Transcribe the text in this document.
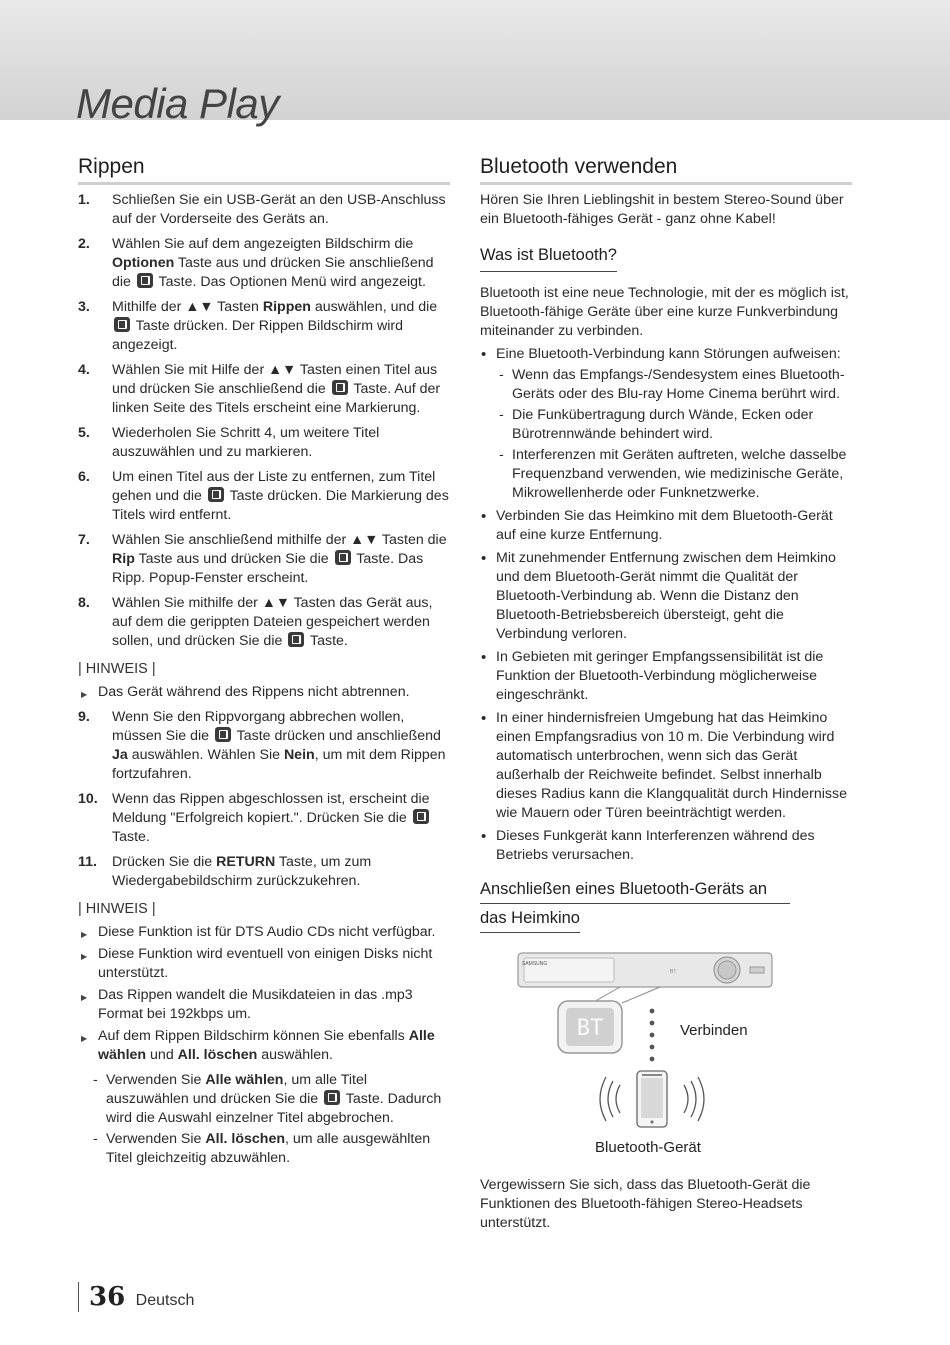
Media Play
Rippen
1. Schließen Sie ein USB-Gerät an den USB-Anschluss auf der Vorderseite des Geräts an.
2. Wählen Sie auf dem angezeigten Bildschirm die Optionen Taste aus und drücken Sie anschließend die  Taste. Das Optionen Menü wird angezeigt.
3. Mithilfe der ▲▼ Tasten Rippen auswählen, und die  Taste drücken. Der Rippen Bildschirm wird angezeigt.
4. Wählen Sie mit Hilfe der ▲▼ Tasten einen Titel aus und drücken Sie anschließend die  Taste. Auf der linken Seite des Titels erscheint eine Markierung.
5. Wiederholen Sie Schritt 4, um weitere Titel auszuwählen und zu markieren.
6. Um einen Titel aus der Liste zu entfernen, zum Titel gehen und die  Taste drücken. Die Markierung des Titels wird entfernt.
7. Wählen Sie anschließend mithilfe der ▲▼ Tasten die Rip Taste aus und drücken Sie die  Taste. Das Ripp. Popup-Fenster erscheint.
8. Wählen Sie mithilfe der ▲▼ Tasten das Gerät aus, auf dem die gerippten Dateien gespeichert werden sollen, und drücken Sie die  Taste.
| HINWEIS |
▶ Das Gerät während des Rippens nicht abtrennen.
9. Wenn Sie den Rippvorgang abbrechen wollen, müssen Sie die  Taste drücken und anschließend Ja auswählen. Wählen Sie Nein, um mit dem Rippen fortzufahren.
10. Wenn das Rippen abgeschlossen ist, erscheint die Meldung "Erfolgreich kopiert.". Drücken Sie die  Taste.
11. Drücken Sie die RETURN Taste, um zum Wiedergabebildschirm zurückzukehren.
| HINWEIS |
▶ Diese Funktion ist für DTS Audio CDs nicht verfügbar.
▶ Diese Funktion wird eventuell von einigen Disks nicht unterstützt.
▶ Das Rippen wandelt die Musikdateien in das .mp3 Format bei 192kbps um.
▶ Auf dem Rippen Bildschirm können Sie ebenfalls Alle wählen und All. löschen auswählen.
- Verwenden Sie Alle wählen, um alle Titel auszuwählen und drücken Sie die  Taste. Dadurch wird die Auswahl einzelner Titel abgebrochen.
- Verwenden Sie All. löschen, um alle ausgewählten Titel gleichzeitig abzuwählen.
Bluetooth verwenden
Hören Sie Ihren Lieblingshit in bestem Stereo-Sound über ein Bluetooth-fähiges Gerät - ganz ohne Kabel!
Was ist Bluetooth?
Bluetooth ist eine neue Technologie, mit der es möglich ist, Bluetooth-fähige Geräte über eine kurze Funkverbindung miteinander zu verbinden.
• Eine Bluetooth-Verbindung kann Störungen aufweisen:
- Wenn das Empfangs-/Sendesystem eines Bluetooth-Geräts oder des Blu-ray Home Cinema berührt wird.
- Die Funkübertragung durch Wände, Ecken oder Bürotrennwände behindert wird.
- Interferenzen mit Geräten auftreten, welche dasselbe Frequenzband verwenden, wie medizinische Geräte, Mikrowellenherde oder Funknetzwerke.
• Verbinden Sie das Heimkino mit dem Bluetooth-Gerät auf eine kurze Entfernung.
• Mit zunehmender Entfernung zwischen dem Heimkino und dem Bluetooth-Gerät nimmt die Qualität der Bluetooth-Verbindung ab. Wenn die Distanz den Bluetooth-Betriebsbereich übersteigt, geht die Verbindung verloren.
• In Gebieten mit geringer Empfangssensibilität ist die Funktion der Bluetooth-Verbindung möglicherweise eingeschränkt.
• In einer hindernisfreien Umgebung hat das Heimkino einen Empfangsradius von 10 m. Die Verbindung wird automatisch unterbrochen, wenn sich das Gerät außerhalb der Reichweite befindet. Selbst innerhalb dieses Radius kann die Klangqualität durch Hindernisse wie Mauern oder Türen beeinträchtigt werden.
• Dieses Funkgerät kann Interferenzen während des Betriebs verursachen.
Anschließen eines Bluetooth-Geräts an
das Heimkino
SAMSUNG
BT
BT	Verbinden
Bluetooth-Gerät
Vergewissern Sie sich, dass das Bluetooth-Gerät die Funktionen des Bluetooth-fähigen Stereo-Headsets unterstützt.
36 Deutsch
